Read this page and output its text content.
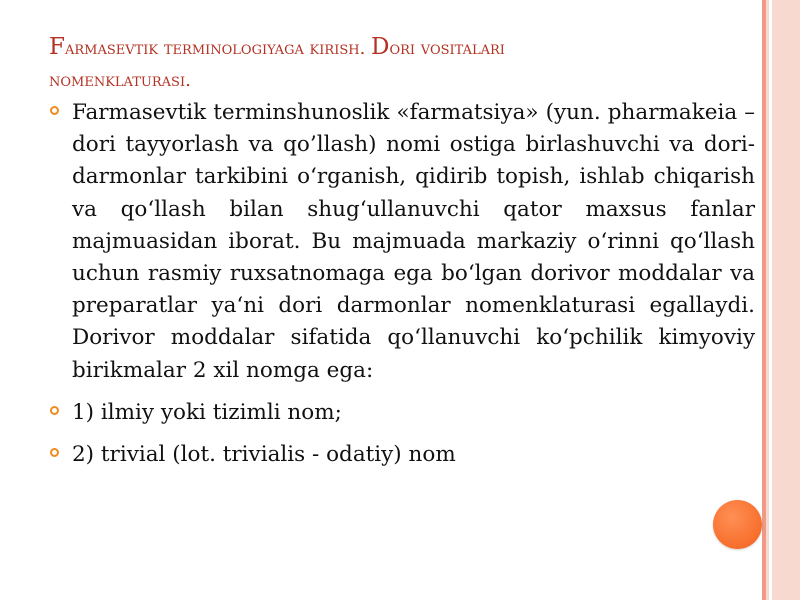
Farmasevtik terminologiyaga kirish. Dori vositalari
nomenklaturasi.
Farmasevtik terminshunoslik «farmatsiya» (yun. pharmakeia – dori tayyorlash va qo’llash) nomi ostiga birlashuvchi va dori-darmonlar tarkibini o‘rganish, qidirib topish, ishlab chiqarish va qo‘llash bilan shug‘ullanuvchi qator maxsus fanlar majmuasidan iborat. Bu majmuada markaziy o‘rinni qo‘llash uchun rasmiy ruxsatnomaga ega bo‘lgan dorivor moddalar va preparatlar ya‘ni dori darmonlar nomenklaturasi egallaydi. Dorivor moddalar sifatida qo‘llanuvchi ko‘pchilik kimyoviy birikmalar 2 xil nomga ega:
1) ilmiy yoki tizimli nom;
2) trivial (lot. trivialis - odatiy) nom
